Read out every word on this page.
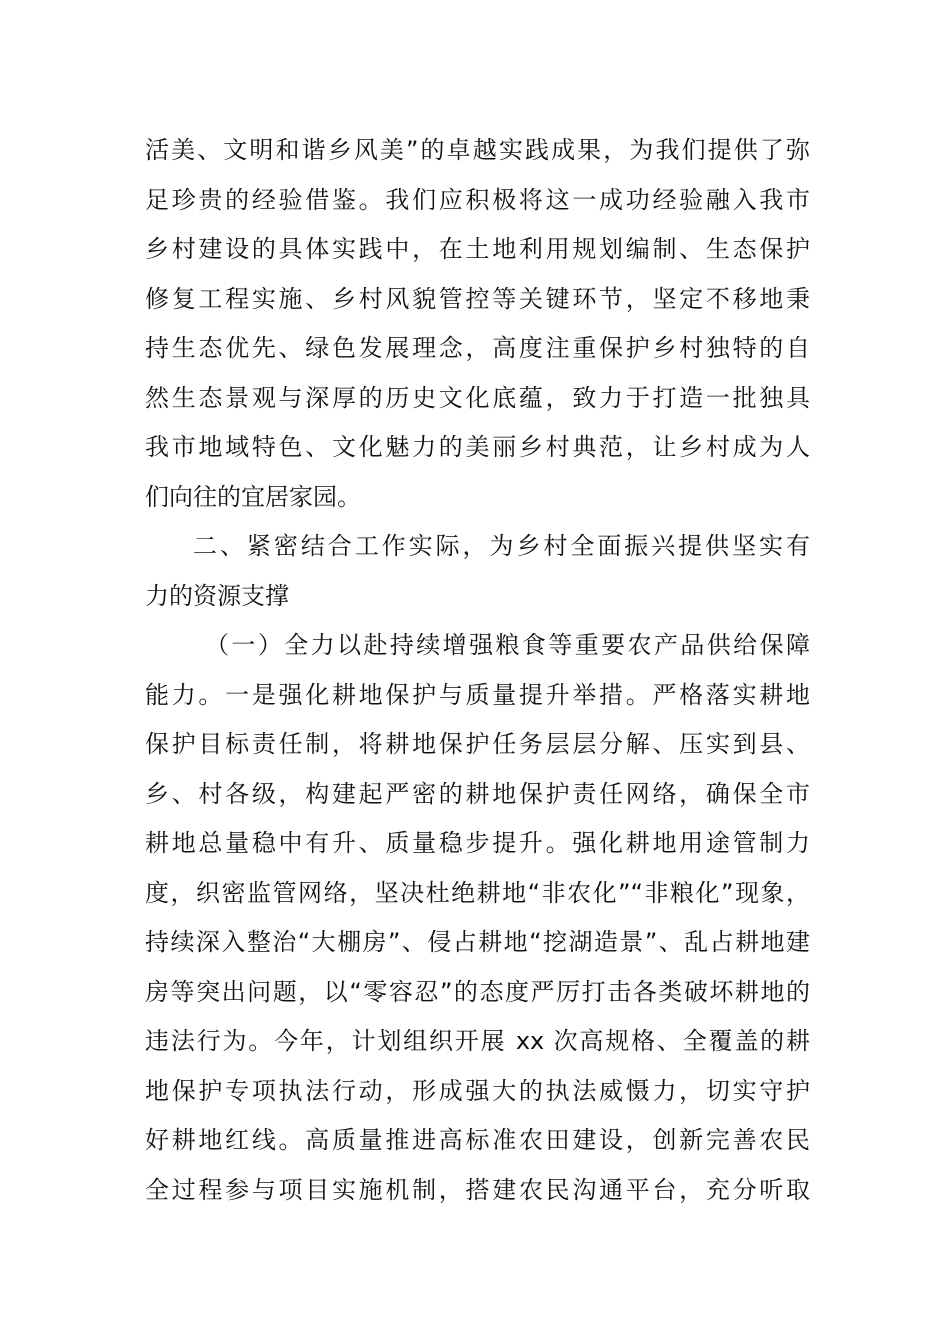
活美、文明和谐乡风美”的卓越实践成果，为我们提供了弥
足珍贵的经验借鉴。我们应积极将这一成功经验融入我市
乡村建设的具体实践中，在土地利用规划编制、生态保护
修复工程实施、乡村风貌管控等关键环节，坚定不移地秉
持生态优先、绿色发展理念，高度注重保护乡村独特的自
然生态景观与深厚的历史文化底蕴，致力于打造一批独具
我市地域特色、文化魅力的美丽乡村典范，让乡村成为人
们向往的宜居家园。
二、紧密结合工作实际，为乡村全面振兴提供坚实有
力的资源支撑
（一）全力以赴持续增强粮食等重要农产品供给保障
能力。一是强化耕地保护与质量提升举措。严格落实耕地
保护目标责任制，将耕地保护任务层层分解、压实到县、
乡、村各级，构建起严密的耕地保护责任网络，确保全市
耕地总量稳中有升、质量稳步提升。强化耕地用途管制力
度，织密监管网络，坚决杜绝耕地“非农化”“非粮化”现象，
持续深入整治“大棚房”、侵占耕地“挖湖造景”、乱占耕地建
房等突出问题，以“零容忍”的态度严厉打击各类破坏耕地的
违法行为。今年，计划组织开展 xx 次高规格、全覆盖的耕
地保护专项执法行动，形成强大的执法威慑力，切实守护
好耕地红线。高质量推进高标准农田建设，创新完善农民
全过程参与项目实施机制，搭建农民沟通平台，充分听取
